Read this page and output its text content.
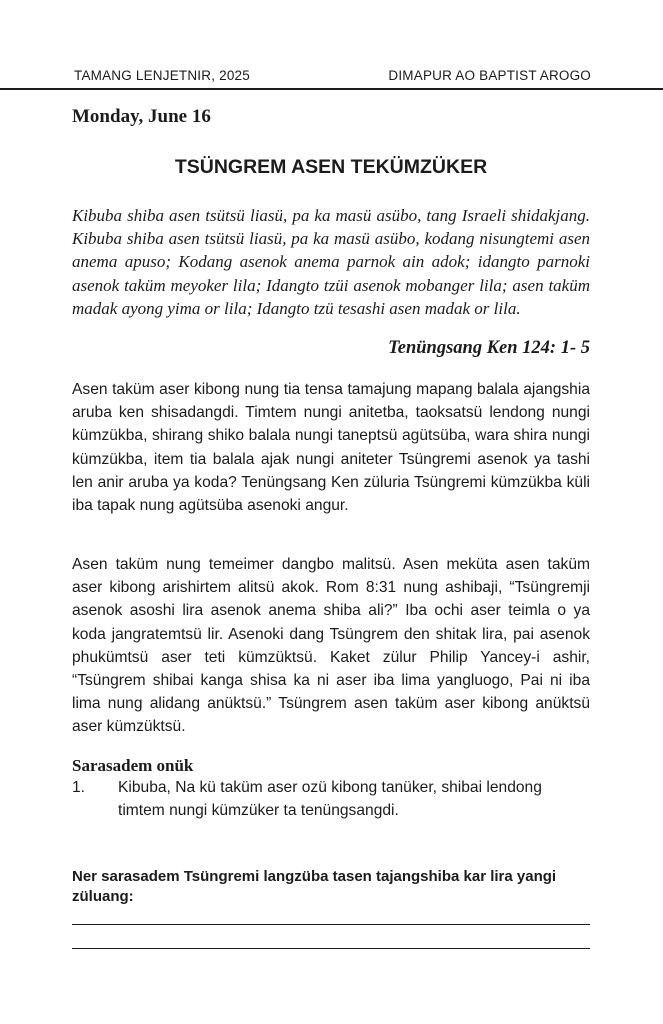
TAMANG LENJETNIR, 2025	DIMAPUR AO BAPTIST AROGO
Monday, June 16
TSÜNGREM ASEN TEKÜMZÜKER
Kibuba shiba asen tsütsü liasü, pa ka masü asübo, tang Israeli shidakjang. Kibuba shiba asen tsütsü liasü, pa ka masü asübo, kodang nisungtemi asen anema apuso; Kodang asenok anema parnok ain adok; idangto parnoki asenok taküm meyoker lila; Idangto tzüi asenok mobanger lila; asen taküm madak ayong yima or lila; Idangto tzü tesashi asen madak or lila.
Tenüngsang Ken 124: 1- 5
Asen taküm aser kibong nung tia tensa tamajung mapang balala ajangshia aruba ken shisadangdi. Timtem nungi anitetba, taoksatsü lendong nungi kümzükba, shirang shiko balala nungi taneptsü agütsüba, wara shira nungi kümzükba, item tia balala ajak nungi aniteter Tsüngremi asenok ya tashi len anir aruba ya koda? Tenüngsang Ken züluria Tsüngremi kümzükba küli iba tapak nung agütsüba asenoki angur.
Asen taküm nung temeimer dangbo malitsü. Asen meküta asen taküm aser kibong arishirtem alitsü akok. Rom 8:31 nung ashibaji, “Tsüngremji asenok asoshi lira asenok anema shiba ali?” Iba ochi aser teimla o ya koda jangratemtsü lir. Asenoki dang Tsüngrem den shitak lira, pai asenok phukümtsü aser teti kümzüktsü. Kaket zülur Philip Yancey-i ashir, “Tsüngrem shibai kanga shisa ka ni aser iba lima yangluogo, Pai ni iba lima nung alidang anüktsü.” Tsüngrem asen taküm aser kibong anüktsü aser kümzüktsü.
Sarasadem onük
1. Kibuba, Na kü taküm aser ozü kibong tanüker, shibai lendong timtem nungi kümzüker ta tenüngsangdi.
Ner sarasadem Tsüngremi langzüba tasen tajangshiba kar lira yangi züluang:
